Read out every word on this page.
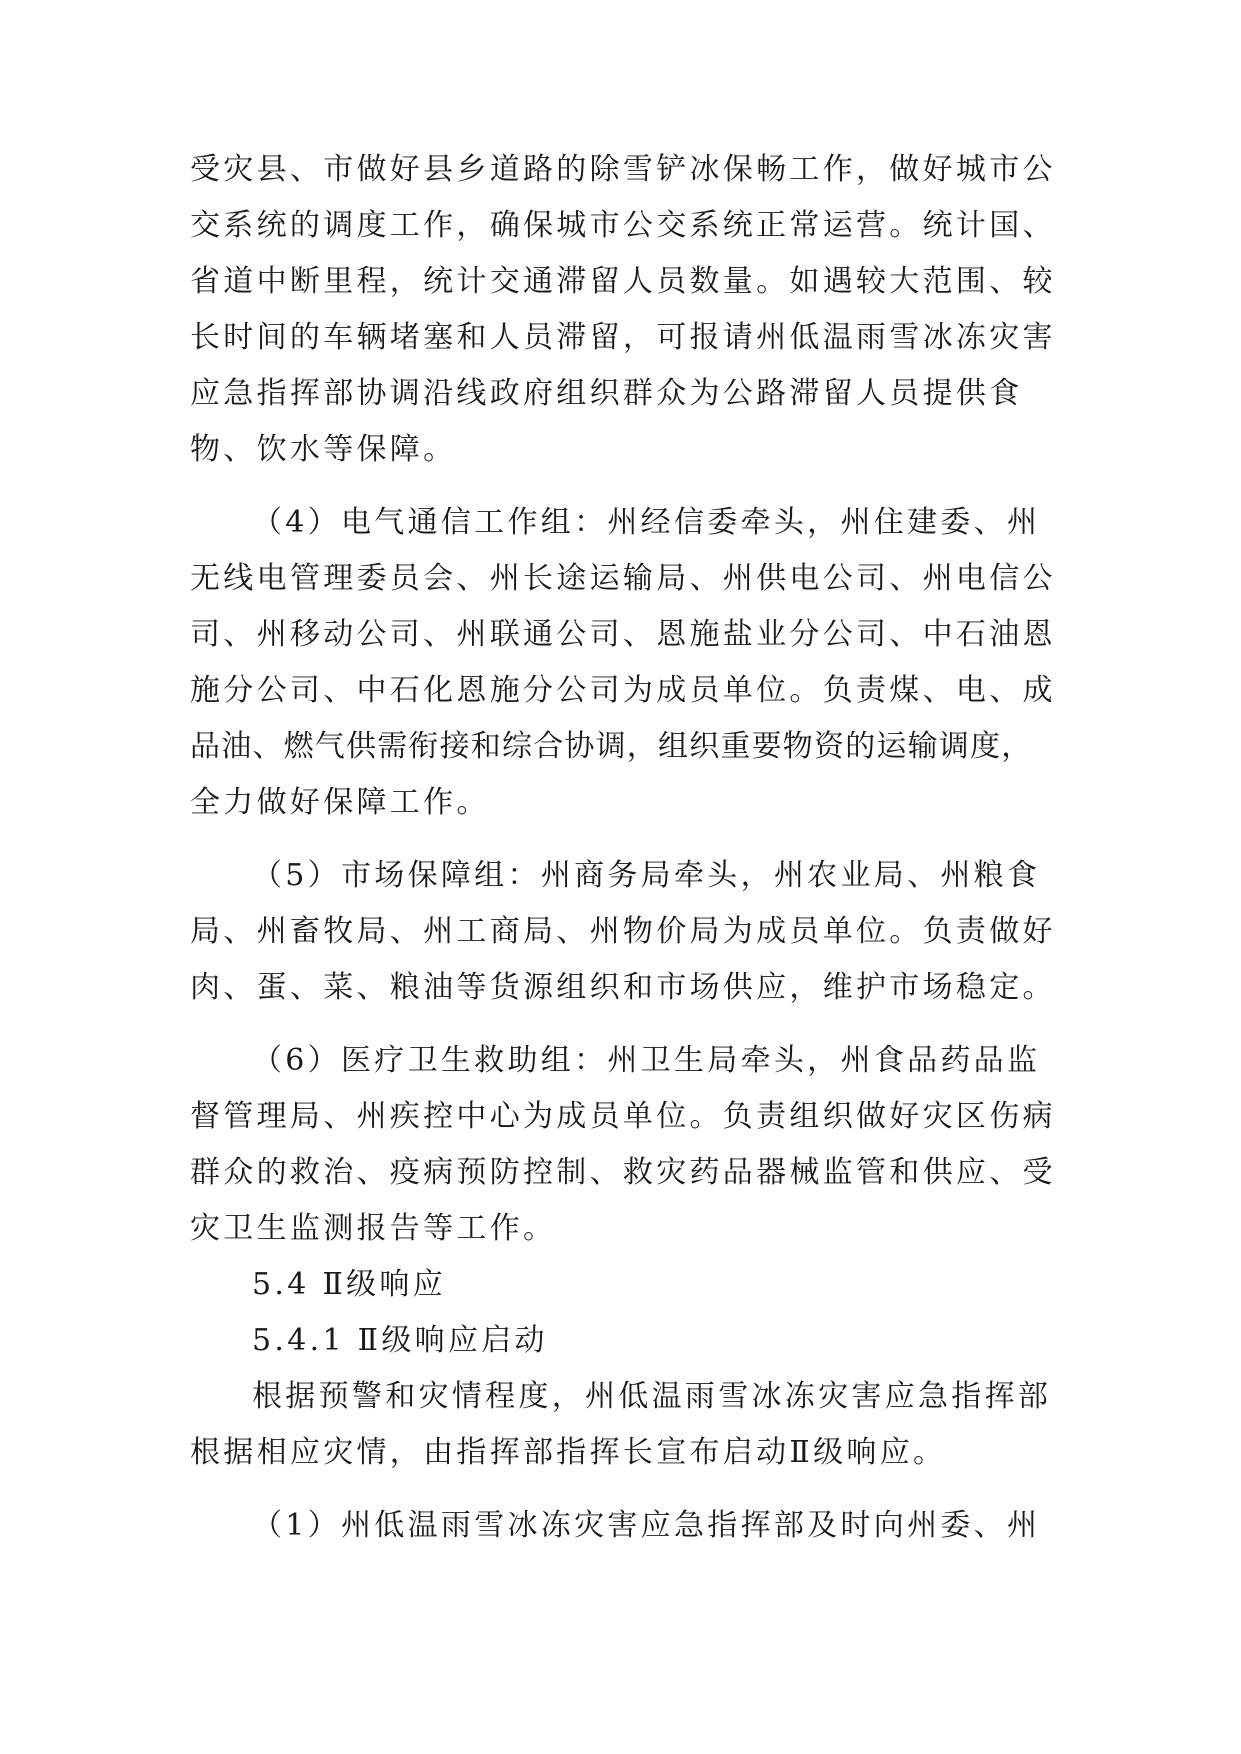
受灾县、市做好县乡道路的除雪铲冰保畅工作，做好城市公
交系统的调度工作，确保城市公交系统正常运营。统计国、
省道中断里程，统计交通滞留人员数量。如遇较大范围、较
长时间的车辆堵塞和人员滞留，可报请州低温雨雪冰冻灾害
应急指挥部协调沿线政府组织群众为公路滞留人员提供食
物、饮水等保障。
（4）电气通信工作组：州经信委牵头，州住建委、州
无线电管理委员会、州长途运输局、州供电公司、州电信公
司、州移动公司、州联通公司、恩施盐业分公司、中石油恩
施分公司、中石化恩施分公司为成员单位。负责煤、电、成
品油、燃气供需衔接和综合协调，组织重要物资的运输调度，
全力做好保障工作。
（5）市场保障组：州商务局牵头，州农业局、州粮食
局、州畜牧局、州工商局、州物价局为成员单位。负责做好
肉、蛋、菜、粮油等货源组织和市场供应，维护市场稳定。
（6）医疗卫生救助组：州卫生局牵头，州食品药品监
督管理局、州疾控中心为成员单位。负责组织做好灾区伤病
群众的救治、疫病预防控制、救灾药品器械监管和供应、受
灾卫生监测报告等工作。
5.4 Ⅱ级响应
5.4.1 Ⅱ级响应启动
根据预警和灾情程度，州低温雨雪冰冻灾害应急指挥部
根据相应灾情，由指挥部指挥长宣布启动Ⅱ级响应。
（1）州低温雨雪冰冻灾害应急指挥部及时向州委、州
